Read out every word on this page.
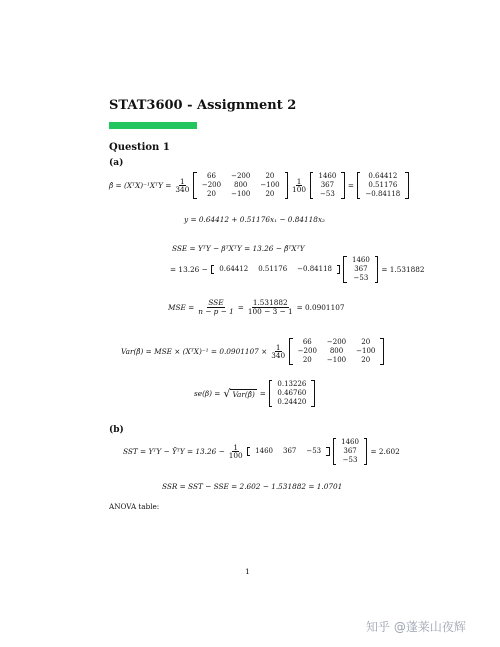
STAT3600 - Assignment 2
Question 1
(a)
β̂ = (XᵀX)⁻¹XᵀY = $\frac{1}{340}$
66	−200	20
−200	800	−100
20	−100	20
$\frac{1}{100}$
1460
367
−53
=
0.64412
0.51176
−0.84118
y = 0.64412 + 0.51176x₁ − 0.84118x₂
SSE = YᵀY − βᵀXᵀY = 13.26 − β̂ᵀXᵀY
= 13.26 − 0.64412	0.51176	−0.84118
1460
367
−53
= 1.531882
MSE = $\frac{\text{SSE}}{n - p - 1} = \frac{1.531882}{100 - 3 - 1} = 0.0901107$
Var(β̂) = MSE × (XᵀX)⁻¹ = $0.0901107 \times \frac{1}{340}$
66	−200	20
−200	800	−100
20	−100	20
se(β) = √ Var(β̂) =
0.13226
0.46760
0.24420
(b)
SST = YᵀY − ȲᵀY = $13.26 - \frac{1}{100} 1460$	367	−53
1460
367
−53
= 2.602
SSR = SST − SSE = 2.602 − 1.531882 = 1.0701
ANOVA table:
1
知乎 @蓬莱山夜辉
